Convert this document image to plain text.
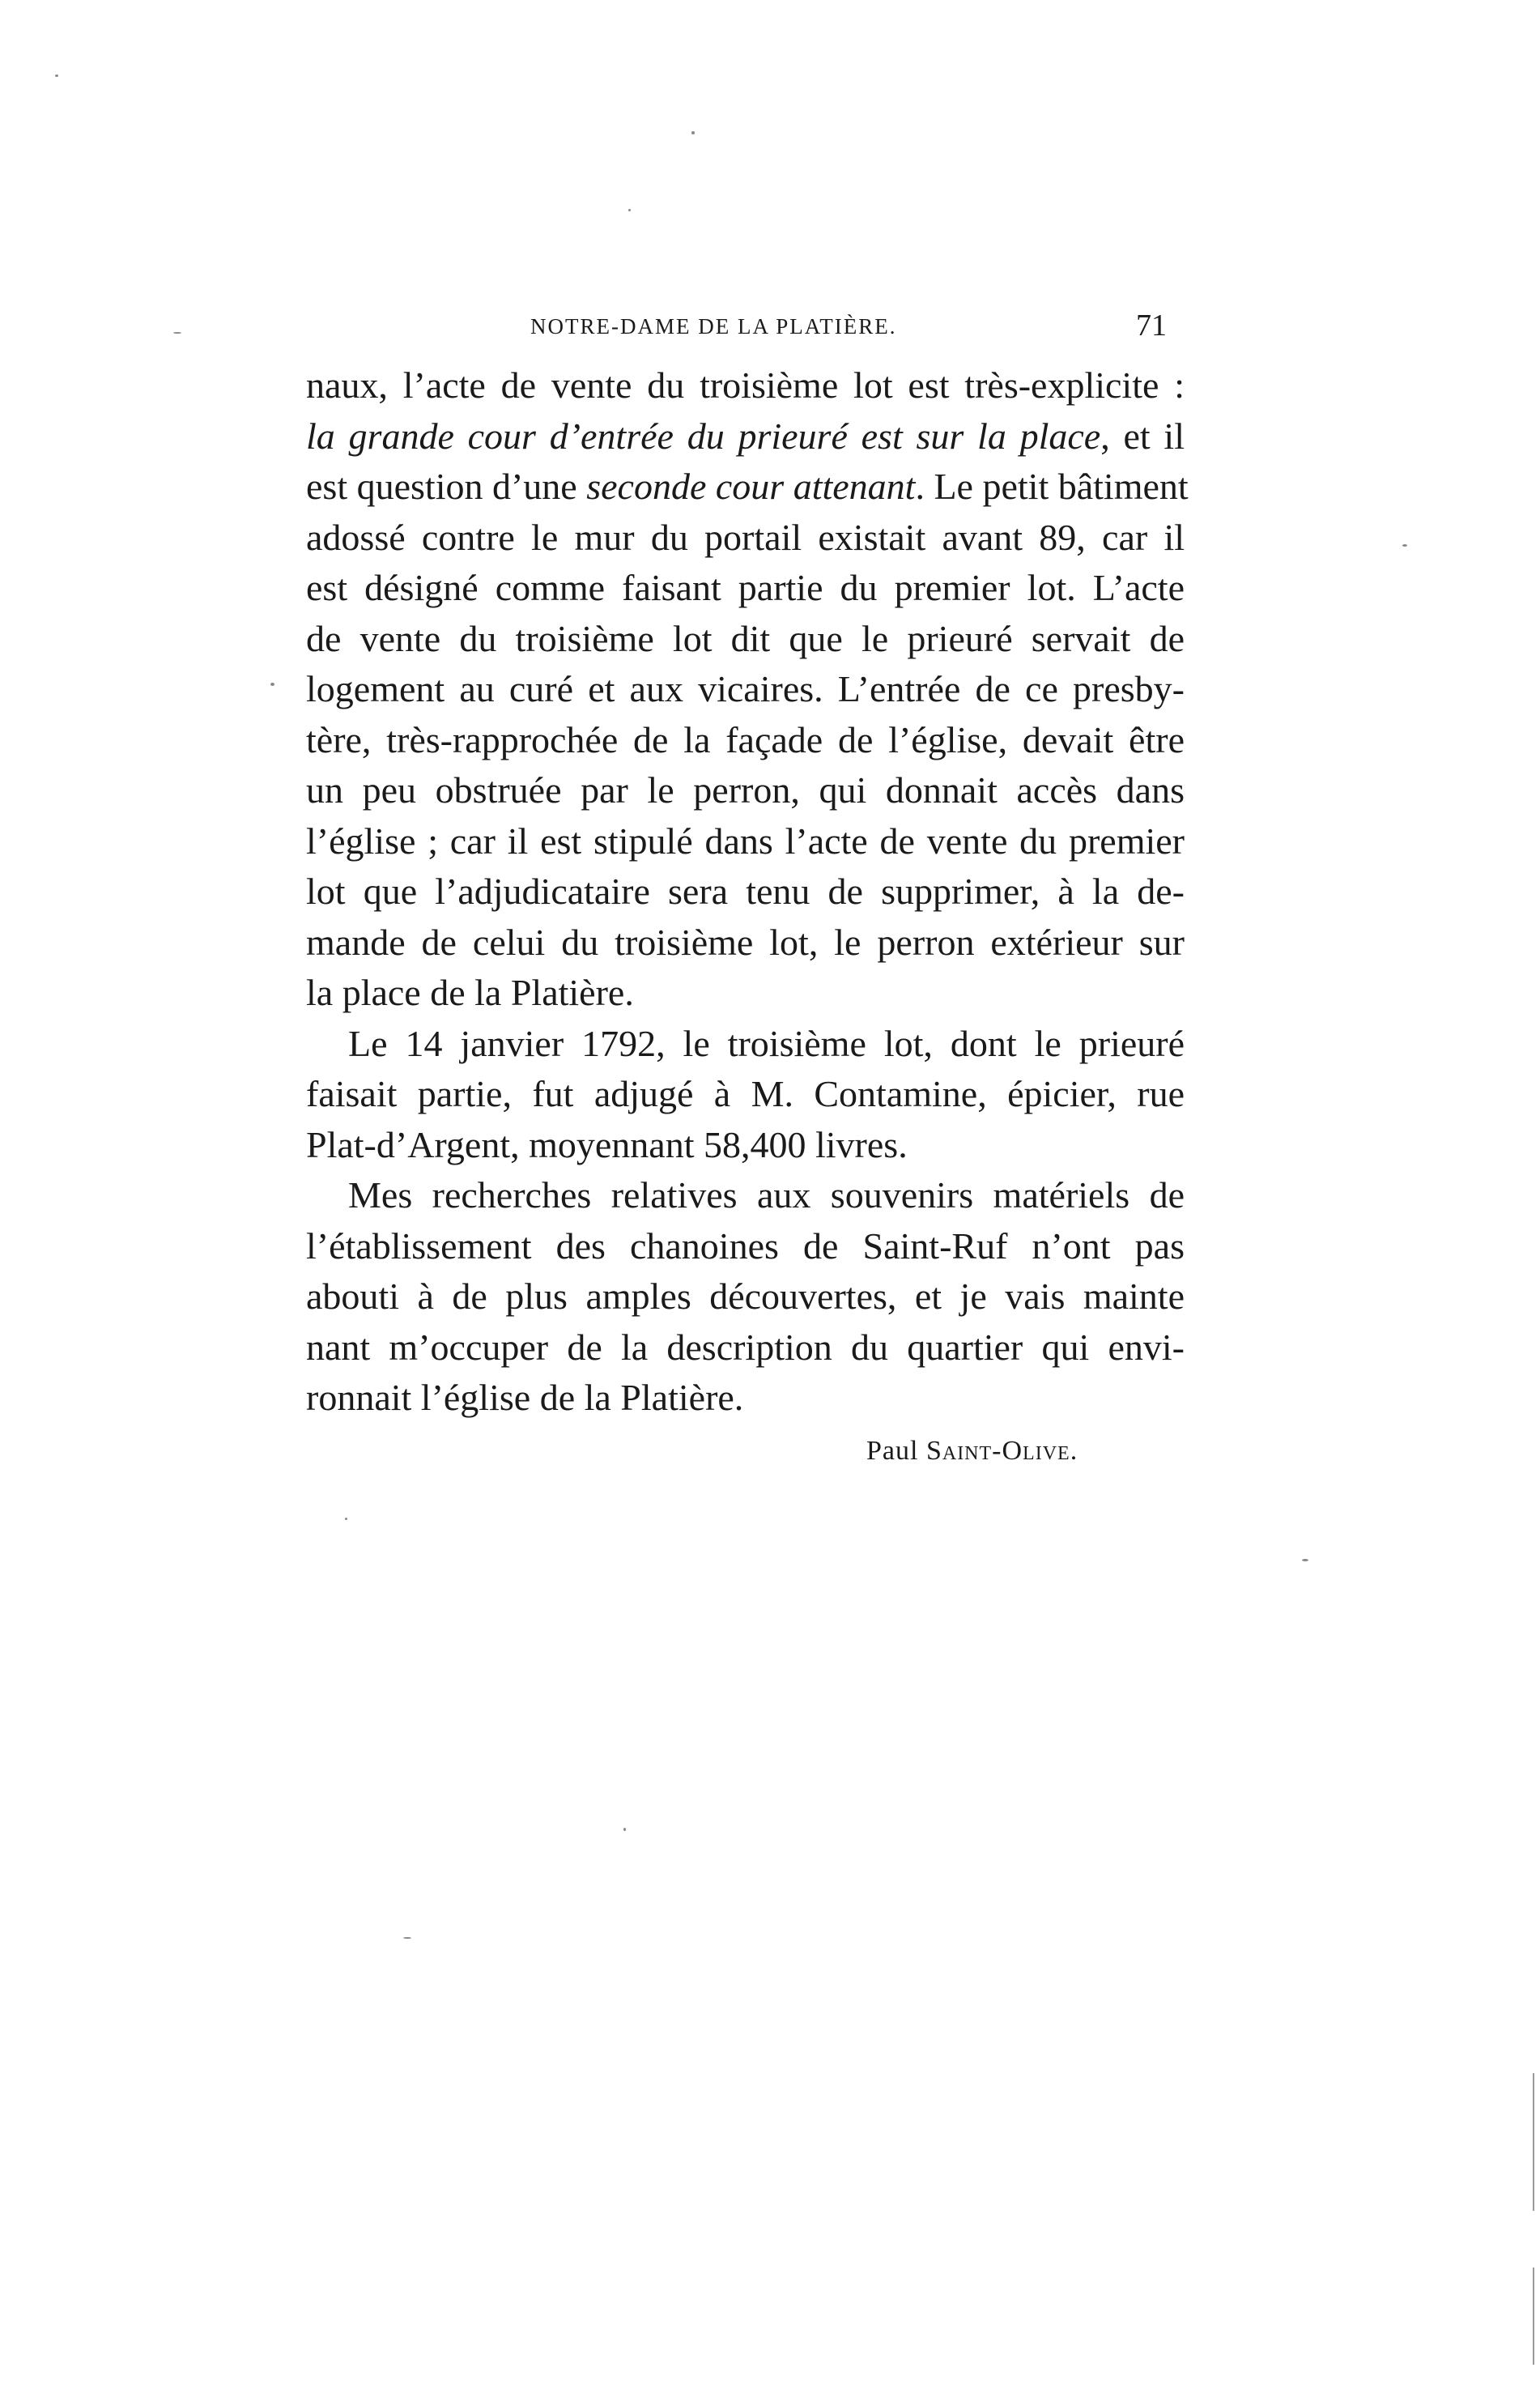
NOTRE-DAME DE LA PLATIÈRE.	71

naux, l’acte de vente du troisième lot est très-explicite :
la grande cour d’entrée du prieuré est sur la place, et il
est question d’une seconde cour attenant. Le petit bâtiment
adossé contre le mur du portail existait avant 89, car il
est désigné comme faisant partie du premier lot. L’acte
de vente du troisième lot dit que le prieuré servait de
logement au curé et aux vicaires. L’entrée de ce presby-
tère, très-rapprochée de la façade de l’église, devait être
un peu obstruée par le perron, qui donnait accès dans
l’église ; car il est stipulé dans l’acte de vente du premier
lot que l’adjudicataire sera tenu de supprimer, à la de-
mande de celui du troisième lot, le perron extérieur sur
la place de la Platière.

Le 14 janvier 1792, le troisième lot, dont le prieuré
faisait partie, fut adjugé à M. Contamine, épicier, rue
Plat-d’Argent, moyennant 58,400 livres.

Mes recherches relatives aux souvenirs matériels de
l’établissement des chanoines de Saint-Ruf n’ont pas
abouti à de plus amples découvertes, et je vais mainte
nant m’occuper de la description du quartier qui envi-
ronnait l’église de la Platière.

Paul Saint-Olive.
